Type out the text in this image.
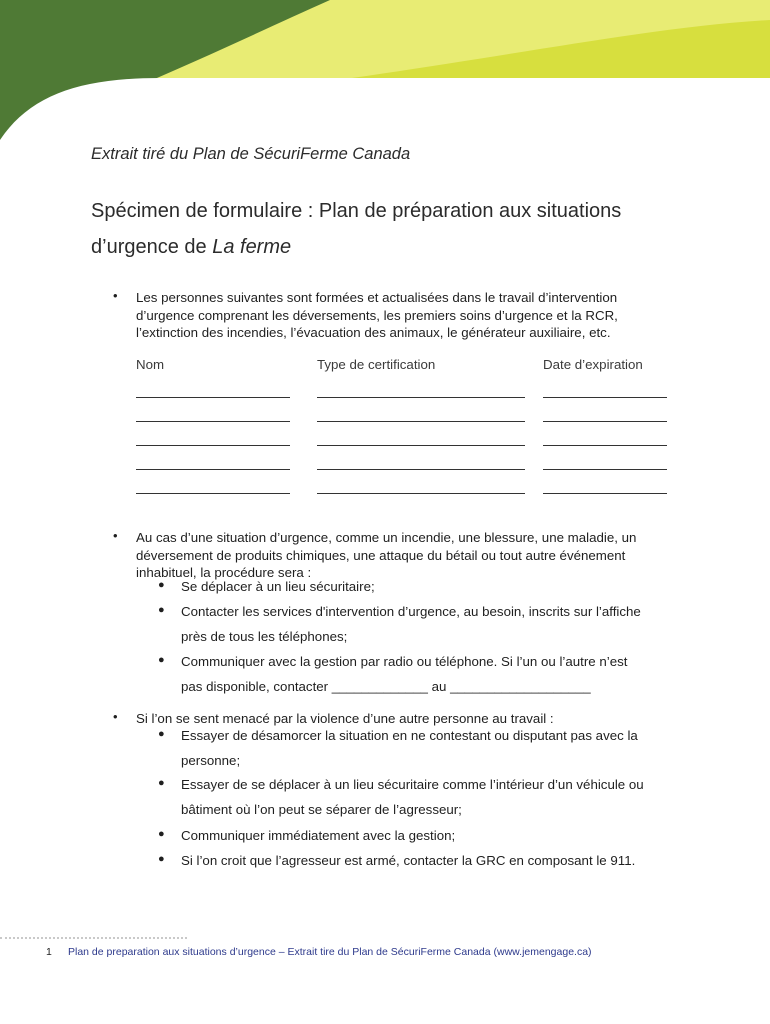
Extrait tiré du Plan de SécuriFerme Canada
Spécimen de formulaire : Plan de préparation aux situations
d’urgence de La ferme
• Les personnes suivantes sont formées et actualisées dans le travail d’intervention
d’urgence comprenant les déversements, les premiers soins d’urgence et la RCR,
l’extinction des incendies, l’évacuation des animaux, le générateur auxiliaire, etc.
Nom	Type de certification	Date d’expiration
• Au cas d’une situation d’urgence, comme un incendie, une blessure, une maladie, un
déversement de produits chimiques, une attaque du bétail ou tout autre événement
inhabituel, la procédure sera :
● Se déplacer à un lieu sécuritaire;
● Contacter les services d'intervention d’urgence, au besoin, inscrits sur l’affiche
près de tous les téléphones;
● Communiquer avec la gestion par radio ou téléphone. Si l’un ou l’autre n’est
pas disponible, contacter _____________ au ___________________
• Si l’on se sent menacé par la violence d’une autre personne au travail :
● Essayer de désamorcer la situation en ne contestant ou disputant pas avec la
personne;
● Essayer de se déplacer à un lieu sécuritaire comme l’intérieur d’un véhicule ou
bâtiment où l’on peut se séparer de l’agresseur;
● Communiquer immédiatement avec la gestion;
● Si l’on croit que l’agresseur est armé, contacter la GRC en composant le 911.
1 Plan de preparation aux situations d’urgence – Extrait tire du Plan de SécuriFerme Canada (www.jemengage.ca)
